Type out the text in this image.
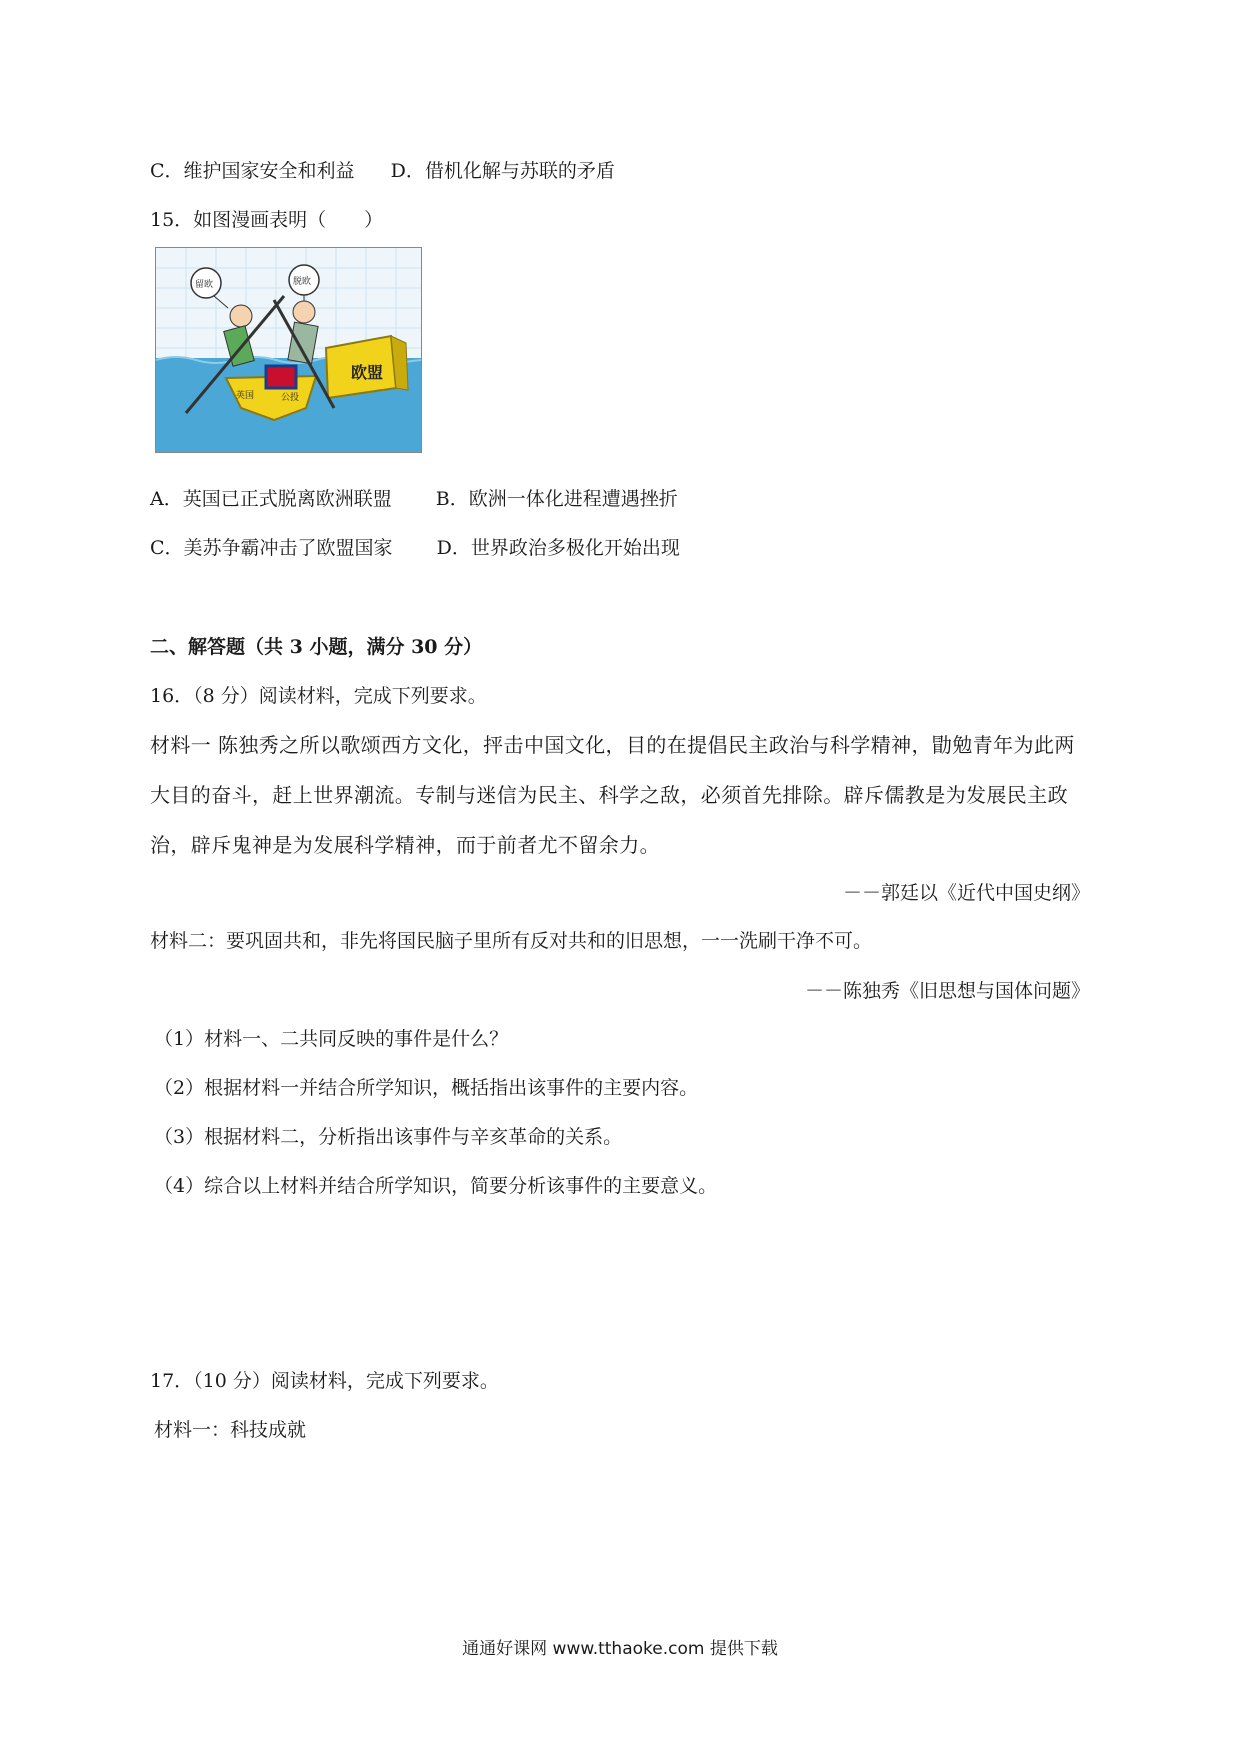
C．维护国家安全和利益 D．借机化解与苏联的矛盾
15．如图漫画表明（　　）
欧盟
英国	公投
留欧	脱欧
A．英国已正式脱离欧洲联盟 B．欧洲一体化进程遭遇挫折
C．美苏争霸冲击了欧盟国家 D．世界政治多极化开始出现
二、解答题（共 3 小题，满分 30 分）
16．（8 分）阅读材料，完成下列要求。
材料一 陈独秀之所以歌颂西方文化，抨击中国文化，目的在提倡民主政治与科学精神，勖勉青年为此两大目的奋斗，赶上世界潮流。专制与迷信为民主、科学之敌，必须首先排除。辟斥儒教是为发展民主政治，辟斥鬼神是为发展科学精神，而于前者尤不留余力。
－－郭廷以《近代中国史纲》
材料二：要巩固共和，非先将国民脑子里所有反对共和的旧思想，一一洗刷干净不可。
－－陈独秀《旧思想与国体问题》
（1）材料一、二共同反映的事件是什么？
（2）根据材料一并结合所学知识，概括指出该事件的主要内容。
（3）根据材料二，分析指出该事件与辛亥革命的关系。
（4）综合以上材料并结合所学知识，简要分析该事件的主要意义。
17．（10 分）阅读材料，完成下列要求。
材料一：科技成就
通通好课网 www.tthaoke.com 提供下载
